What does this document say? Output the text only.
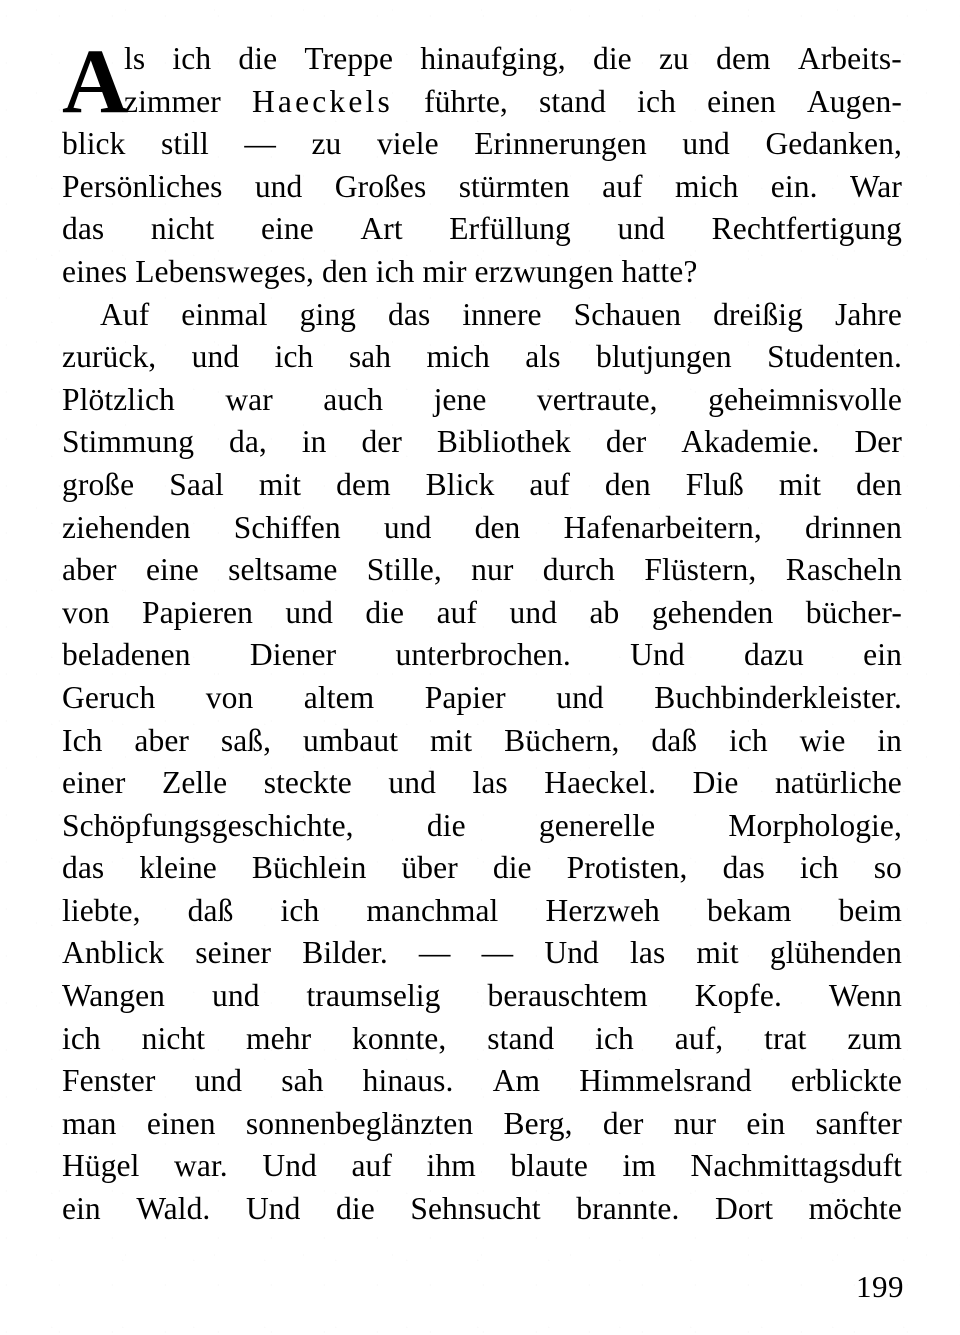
A
ls ich die Treppe hinaufging, die zu dem Arbeits-
zimmer Haeckels führte, stand ich einen Augen-
blick still — zu viele Erinnerungen und Gedanken,
Persönliches und Großes stürmten auf mich ein. War
das nicht eine Art Erfüllung und Rechtfertigung
eines
Lebensweges,
den
ich
mir
erzwungen
hatte?
Auf einmal ging das innere Schauen dreißig Jahre
zurück, und ich sah mich als blutjungen Studenten.
Plötzlich war auch jene vertraute, geheimnisvolle
Stimmung da, in der Bibliothek der Akademie. Der
große Saal mit dem Blick auf den Fluß mit den
ziehenden Schiffen und den Hafenarbeitern, drinnen
aber eine seltsame Stille, nur durch Flüstern, Rascheln
von Papieren und die auf und ab gehenden bücher-
beladenen Diener unterbrochen. Und dazu ein
Geruch von altem Papier und Buchbinderkleister.
Ich aber saß, umbaut mit Büchern, daß ich wie in
einer Zelle steckte und las Haeckel. Die natürliche
Schöpfungsgeschichte, die generelle Morphologie,
das kleine Büchlein über die Protisten, das ich so
liebte, daß ich manchmal Herzweh bekam beim
Anblick seiner Bilder. — — Und las mit glühenden
Wangen und traumselig berauschtem Kopfe. Wenn
ich nicht mehr konnte, stand ich auf, trat zum
Fenster und sah hinaus. Am Himmelsrand erblickte
man einen sonnenbeglänzten Berg, der nur ein sanfter
Hügel war. Und auf ihm blaute im Nachmittagsduft
ein Wald. Und die Sehnsucht brannte. Dort möchte
199
